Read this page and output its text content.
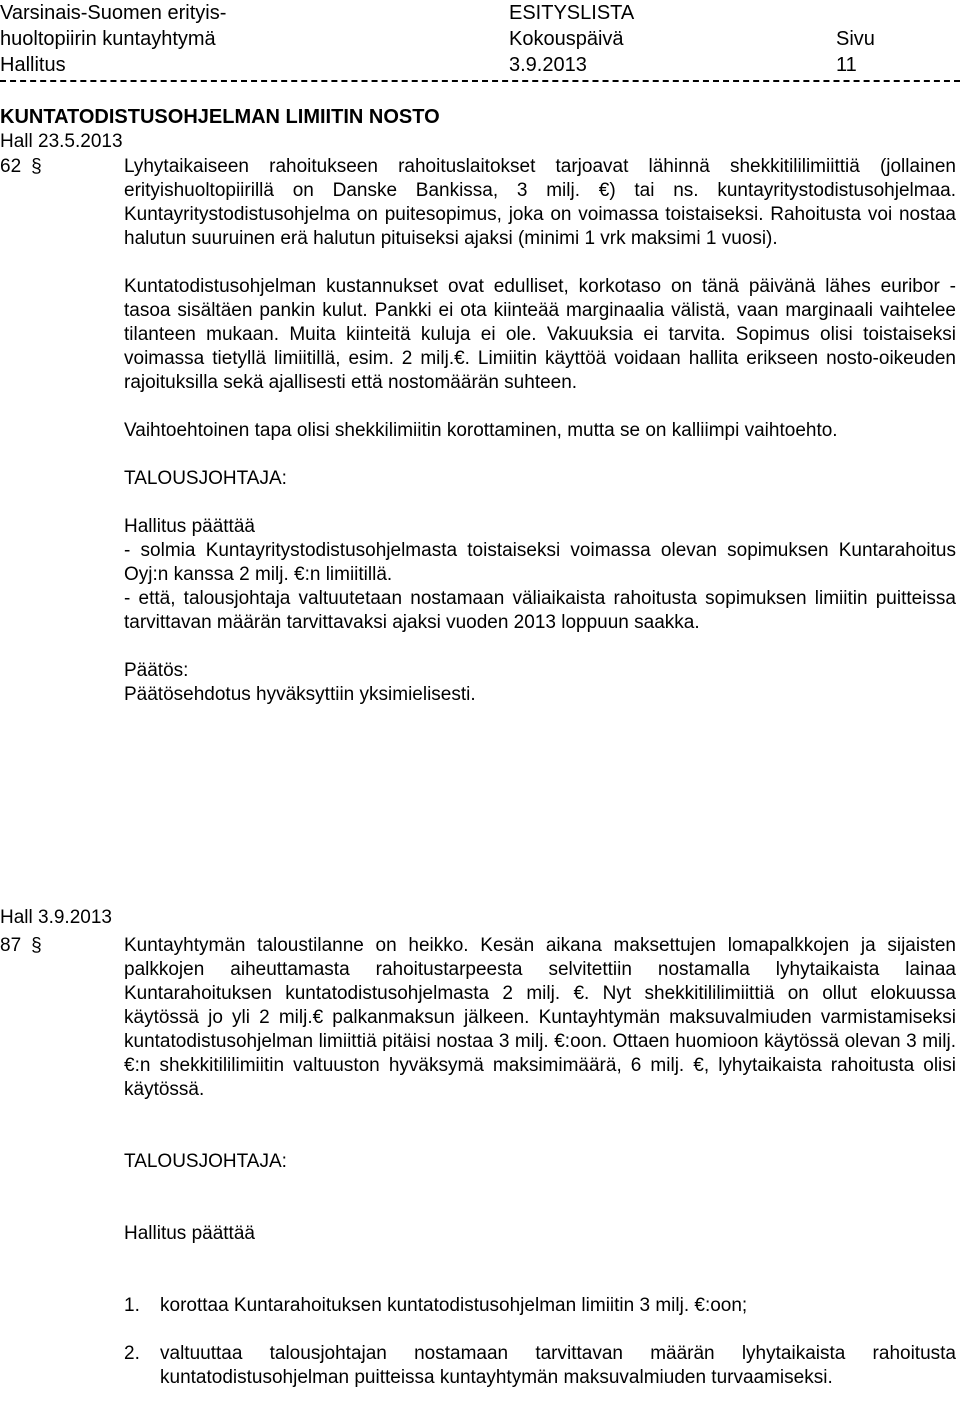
Varsinais-Suomen erityis-
huoltopiirin kuntayhtymä
Hallitus
ESITYSLISTA
Kokouspäivä
3.9.2013
Sivu
11
KUNTATODISTUSOHJELMAN LIMIITIN NOSTO
Hall 23.5.2013
62 §	Lyhytaikaiseen rahoitukseen rahoituslaitokset tarjoavat lähinnä shekkitililimiittiä (jollainen erityishuoltopiirillä on Danske Bankissa, 3 milj. €) tai ns. kuntayritystodistusohjelmaa. Kuntayritystodistusohjelma on puitesopimus, joka on voimassa toistaiseksi. Rahoitusta voi nostaa halutun suuruinen erä halutun pituiseksi ajaksi (minimi 1 vrk maksimi 1 vuosi).

Kuntatodistusohjelman kustannukset ovat edulliset, korkotaso on tänä päivänä lähes euribor -tasoa sisältäen pankin kulut. Pankki ei ota kiinteää marginaalia välistä, vaan marginaali vaihtelee tilanteen mukaan. Muita kiinteitä kuluja ei ole. Vakuuksia ei tarvita. Sopimus olisi toistaiseksi voimassa tietyllä limiitillä, esim. 2 milj.€. Limiitin käyttöä voidaan hallita erikseen nosto-oikeuden rajoituksilla sekä ajallisesti että nostomäärän suhteen.

Vaihtoehtoinen tapa olisi shekkilimiitin korottaminen, mutta se on kalliimpi vaihtoehto.

TALOUSJOHTAJA:

Hallitus päättää

- solmia Kuntayritystodistusohjelmasta toistaiseksi voimassa olevan sopimuksen Kuntarahoitus Oyj:n kanssa 2 milj. €:n limiitillä.

- että, talousjohtaja valtuutetaan nostamaan väliaikaista rahoitusta sopimuksen limiitin puitteissa tarvittavan määrän tarvittavaksi ajaksi vuoden 2013 loppuun saakka.

Päätös:

Päätösehdotus hyväksyttiin yksimielisesti.

Hall 3.9.2013
87 §	Kuntayhtymän taloustilanne on heikko. Kesän aikana maksettujen lomapalkkojen ja sijaisten palkkojen aiheuttamasta rahoitustarpeesta selvitettiin nostamalla lyhytaikaista lainaa Kuntarahoituksen kuntatodistusohjelmasta 2 milj. €. Nyt shekkitililimiittiä on ollut elokuussa käytössä jo yli 2 milj.€ palkanmaksun jälkeen. Kuntayhtymän maksuvalmiuden varmistamiseksi kuntatodistusohjelman limiittiä pitäisi nostaa 3 milj. €:oon. Ottaen huomioon käytössä olevan 3 milj. €:n shekkitililimiitin valtuuston hyväksymä maksimimäärä, 6 milj. €, lyhytaikaista rahoitusta olisi käytössä.

TALOUSJOHTAJA:

Hallitus päättää

1. korottaa Kuntarahoituksen kuntatodistusohjelman limiitin 3 milj. €:oon;
2. valtuuttaa talousjohtajan nostamaan tarvittavan määrän lyhytaikaista rahoitusta kuntatodistusohjelman puitteissa kuntayhtymän maksuvalmiuden turvaamiseksi.
